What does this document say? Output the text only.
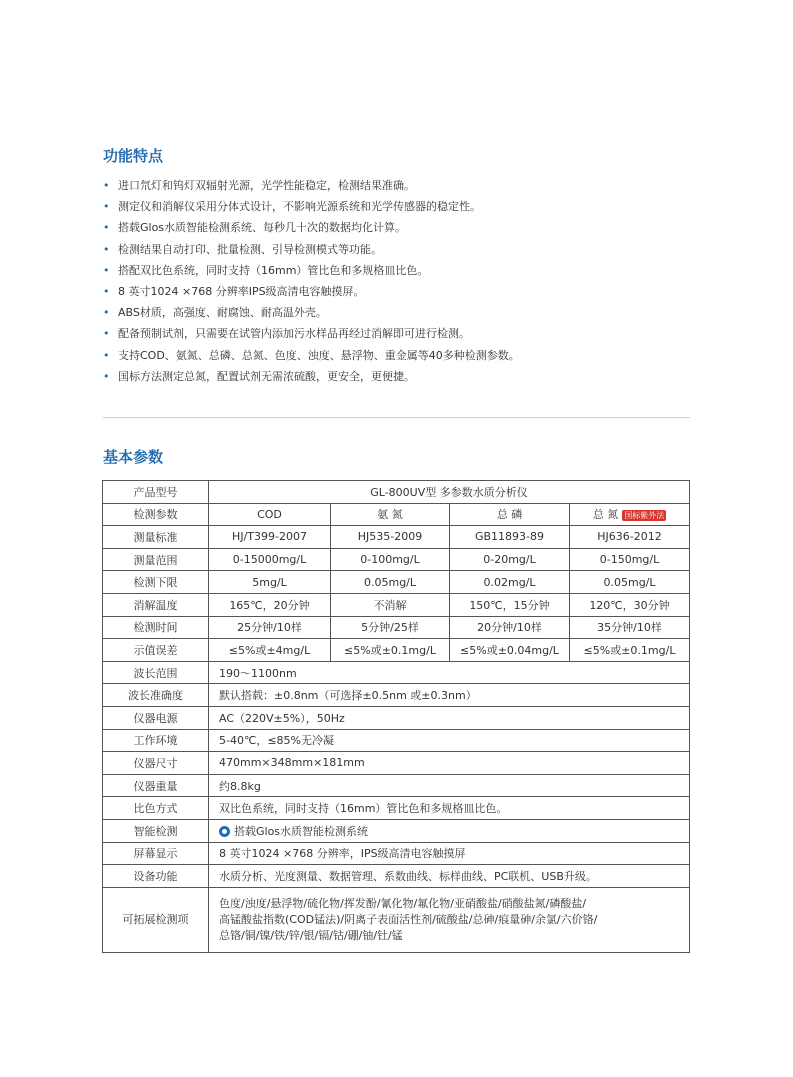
功能特点
• 进口氘灯和钨灯双辐射光源，光学性能稳定，检测结果准确。
• 测定仪和消解仪采用分体式设计，不影响光源系统和光学传感器的稳定性。
• 搭载Glos水质智能检测系统、每秒几十次的数据均化计算。
• 检测结果自动打印、批量检测、引导检测模式等功能。
• 搭配双比色系统，同时支持（16mm）管比色和多规格皿比色。
• 8 英寸1024 ×768 分辨率IPS级高清电容触摸屏。
• ABS材质，高强度、耐腐蚀、耐高温外壳。
• 配备预制试剂，只需要在试管内添加污水样品再经过消解即可进行检测。
• 支持COD、氨氮、总磷、总氮、色度、浊度、悬浮物、重金属等40多种检测参数。
• 国标方法测定总氮，配置试剂无需浓硫酸，更安全，更便捷。
基本参数
产品型号	GL-800UV型 多参数水质分析仪			
检测参数	COD	氨 氮	总 磷	总 氮 国标紫外法
测量标准	HJ/T399-2007	HJ535-2009	GB11893-89	HJ636-2012
测量范围	0-15000mg/L	0-100mg/L	0-20mg/L	0-150mg/L
检测下限	5mg/L	0.05mg/L	0.02mg/L	0.05mg/L
消解温度	165℃，20分钟	不消解	150℃，15分钟	120℃，30分钟
检测时间	25分钟/10样	5分钟/25样	20分钟/10样	35分钟/10样
示值误差	≤5%或±4mg/L	≤5%或±0.1mg/L	≤5%或±0.04mg/L	≤5%或±0.1mg/L
波长范围	190～1100nm			
波长准确度	默认搭载：±0.8nm（可选择±0.5nm 或±0.3nm）			
仪器电源	AC（220V±5%），50Hz			
工作环境	5-40℃，≤85%无冷凝			
仪器尺寸	470mm×348mm×181mm			
仪器重量	约8.8kg			
比色方式	双比色系统，同时支持（16mm）管比色和多规格皿比色。			
智能检测	搭载Glos水质智能检测系统			
屏幕显示	8 英寸1024 ×768 分辨率，IPS级高清电容触摸屏			
设备功能	水质分析、光度测量、数据管理、系数曲线、标样曲线、PC联机、USB升级。			
可拓展检测项	色度/浊度/悬浮物/硫化物/挥发酚/氰化物/氟化物/亚硝酸盐/硝酸盐氮/磷酸盐/
高锰酸盐指数(COD锰法)/阴离子表面活性剂/硫酸盐/总砷/痕量砷/余氯/六价铬/
总铬/铜/镍/铁/锌/银/镉/钴/硼/铀/钍/锰			
